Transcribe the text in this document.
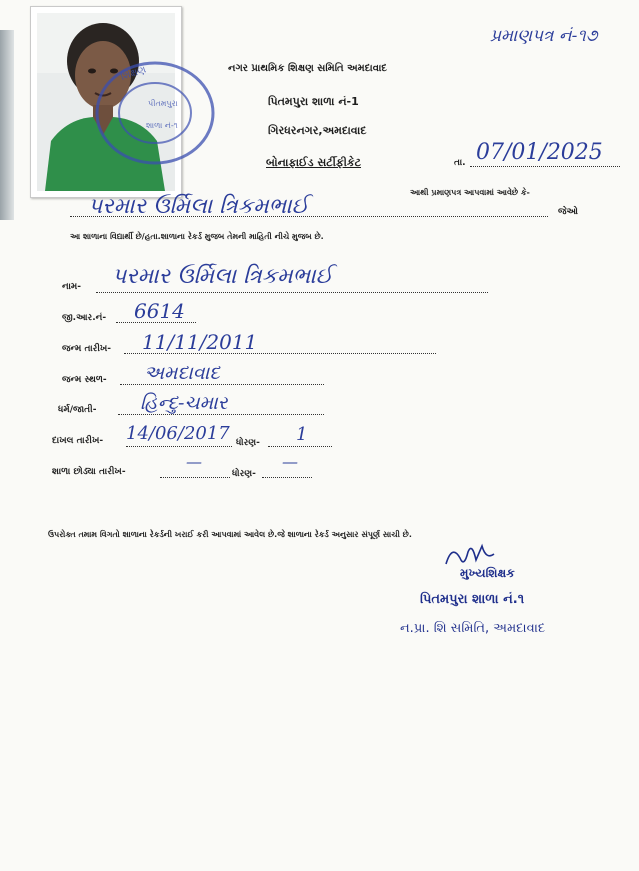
શિક્ષણ
પીતમપુરા
શાળા નં-૧
પ્રમાણપત્ર નં-૧૭
નગર પ્રાથમિક શિક્ષણ સમિતિ અમદાવાદ
પિતમપુરા શાળા નં-1
ગિરધરનગર,અમદાવાદ
બોનાફાઈડ સર્ટીફીકેટ	તા. 07/01/2025
આથી પ્રમાણપત્ર આપવામાં આવેછે કે-
પરમાર ઉર્મિલા ત્રિકમભાઈ	જેઓ
આ શાળાના વિદ્યાર્થી છે/હતા.શાળાના રેકર્ડ મુજબ તેમની માહિતી નીચે મુજબ છે.
નામ- પરમાર ઉર્મિલા ત્રિકમભાઈ
જી.આર.નં- 6614
જન્મ તારીખ- 11/11/2011
જન્મ સ્થળ- અમદાવાદ
ધર્મ/જાતી- હિન્દુ-ચમાર
દાખલ તારીખ- 14/06/2017 ધોરણ- 1
શાળા છોડ્યા તારીખ-
—
ધોરણ-
—
ઉપરોક્ત તમામ વિગતો શાળાના રેકર્ડની ખરાઈ કરી આપવામાં આવેલ છે.જે શાળાના રેકર્ડ અનુસાર સંપૂર્ણ સાચી છે.
મુખ્યશિક્ષક
પિતમપુરા શાળા નં.૧
ન.પ્રા. શિ સમિતિ, અમદાવાદ
